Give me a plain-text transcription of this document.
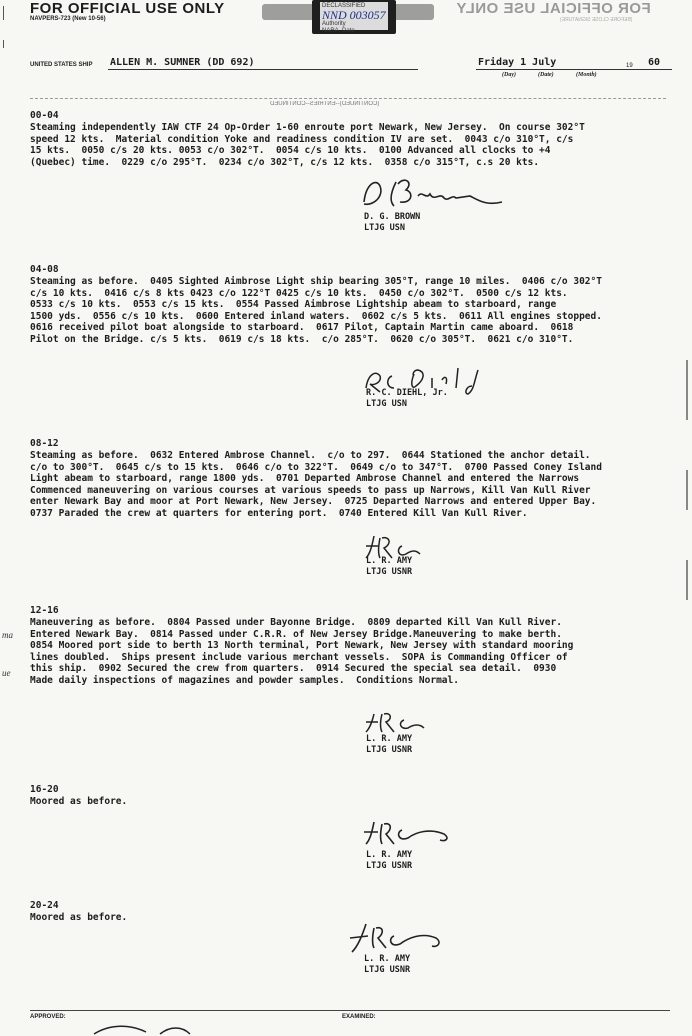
FOR OFFICIAL USE ONLY
NAVPERS-723 (New 10-56)
FOR OFFICIAL USE ONLY
(BEFORE CLOSE SIGNATURE)
DECLASSIFIED
NND 003057
Authority
NARA, Date
UNITED STATES SHIP ALLEN M. SUMNER (DD 692)	Friday 1 July	19 60
(Day)	(Date)	(Month)
(CONTINUED)--ENTRIES--CONTINUED
00-04
Steaming independently IAW CTF 24 Op-Order 1-60 enroute port Newark, New Jersey.  On course 302°T
speed 12 kts.  Material condition Yoke and readiness condition IV are set.  0043 c/o 310°T, c/s
15 kts.  0050 c/s 20 kts. 0053 c/o 302°T.  0054 c/s 10 kts.  0100 Advanced all clocks to +4
(Quebec) time.  0229 c/o 295°T.  0234 c/o 302°T, c/s 12 kts.  0358 c/o 315°T, c.s 20 kts.
D. G. BROWN
LTJG USN
04-08
Steaming as before.  0405 Sighted Aimbrose Light ship bearing 305°T, range 10 miles.  0406 c/o 302°T
c/s 10 kts.  0416 c/s 8 kts 0423 c/o 122°T 0425 c/s 10 kts.  0450 c/o 302°T.  0500 c/s 12 kts.
0533 c/s 10 kts.  0553 c/s 15 kts.  0554 Passed Aimbrose Lightship abeam to starboard, range
1500 yds.  0556 c/s 10 kts.  0600 Entered inland waters.  0602 c/s 5 kts.  0611 All engines stopped.
0616 received pilot boat alongside to starboard.  0617 Pilot, Captain Martin came aboard.  0618
Pilot on the Bridge. c/s 5 kts.  0619 c/s 18 kts.  c/o 285°T.  0620 c/o 305°T.  0621 c/o 310°T.
R. C. DIEHL, Jr.
LTJG USN
08-12
Steaming as before.  0632 Entered Ambrose Channel.  c/o to 297.  0644 Stationed the anchor detail.
c/o to 300°T.  0645 c/s to 15 kts.  0646 c/o to 322°T.  0649 c/o to 347°T.  0700 Passed Coney Island
Light abeam to starboard, range 1800 yds.  0701 Departed Ambrose Channel and entered the Narrows
Commenced maneuvering on various courses at various speeds to pass up Narrows, Kill Van Kull River
enter Newark Bay and moor at Port Newark, New Jersey.  0725 Departed Narrows and entered Upper Bay.
0737 Paraded the crew at quarters for entering port.  0740 Entered Kill Van Kull River.
L. R. AMY
LTJG USNR
12-16
Maneuvering as before.  0804 Passed under Bayonne Bridge.  0809 departed Kill Van Kull River.
Entered Newark Bay.  0814 Passed under C.R.R. of New Jersey Bridge.Maneuvering to make berth.
0854 Moored port side to berth 13 North terminal, Port Newark, New Jersey with standard mooring
lines doubled.  Ships present include various merchant vessels.  SOPA is Commanding Officer of
this ship.  0902 Secured the crew from quarters.  0914 Secured the special sea detail.  0930
Made daily inspections of magazines and powder samples.  Conditions Normal.
L. R. AMY
LTJG USNR
16-20
Moored as before.
L. R. AMY
LTJG USNR
20-24
Moored as before.
L. R. AMY
LTJG USNR
ma
ue
APPROVED:	EXAMINED:
